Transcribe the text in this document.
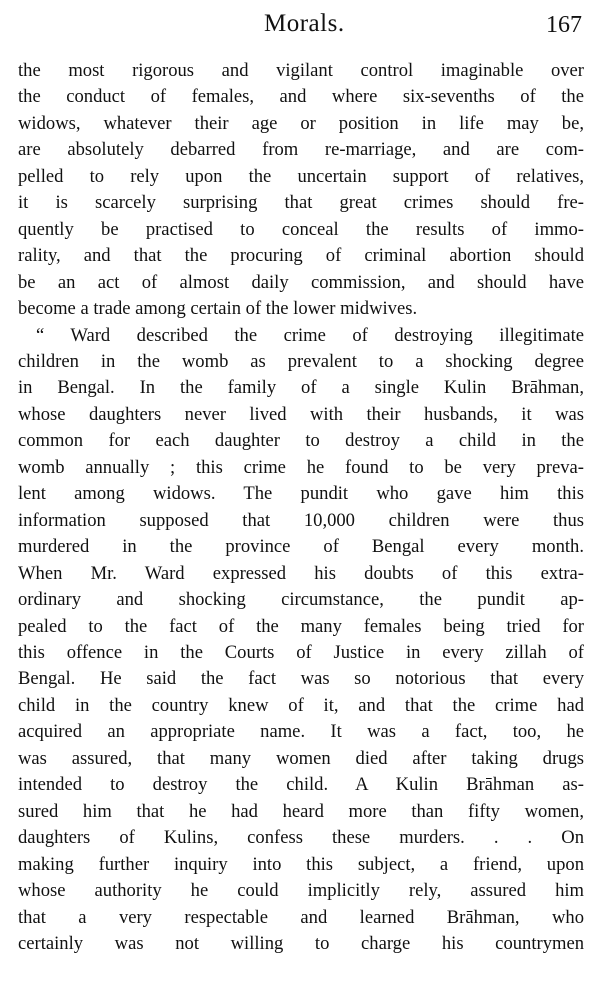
Morals.	167
the most rigorous and vigilant control imaginable over
the conduct of females, and where six-sevenths of the
widows, whatever their age or position in life may be,
are absolutely debarred from re-marriage, and are com-
pelled to rely upon the uncertain support of relatives,
it is scarcely surprising that great crimes should fre-
quently be practised to conceal the results of immo-
rality, and that the procuring of criminal abortion should
be an act of almost daily commission, and should have
become a trade among certain of the lower midwives.
“ Ward described the crime of destroying illegitimate
children in the womb as prevalent to a shocking degree
in Bengal. In the family of a single Kulin Brāhman,
whose daughters never lived with their husbands, it was
common for each daughter to destroy a child in the
womb annually ; this crime he found to be very preva-
lent among widows. The pundit who gave him this
information supposed that 10,000 children were thus
murdered in the province of Bengal every month.
When Mr. Ward expressed his doubts of this extra-
ordinary and shocking circumstance, the pundit ap-
pealed to the fact of the many females being tried for
this offence in the Courts of Justice in every zillah of
Bengal. He said the fact was so notorious that every
child in the country knew of it, and that the crime had
acquired an appropriate name. It was a fact, too, he
was assured, that many women died after taking drugs
intended to destroy the child. A Kulin Brāhman as-
sured him that he had heard more than fifty women,
daughters of Kulins, confess these murders. . . On
making further inquiry into this subject, a friend, upon
whose authority he could implicitly rely, assured him
that a very respectable and learned Brāhman, who
certainly was not willing to charge his countrymen
